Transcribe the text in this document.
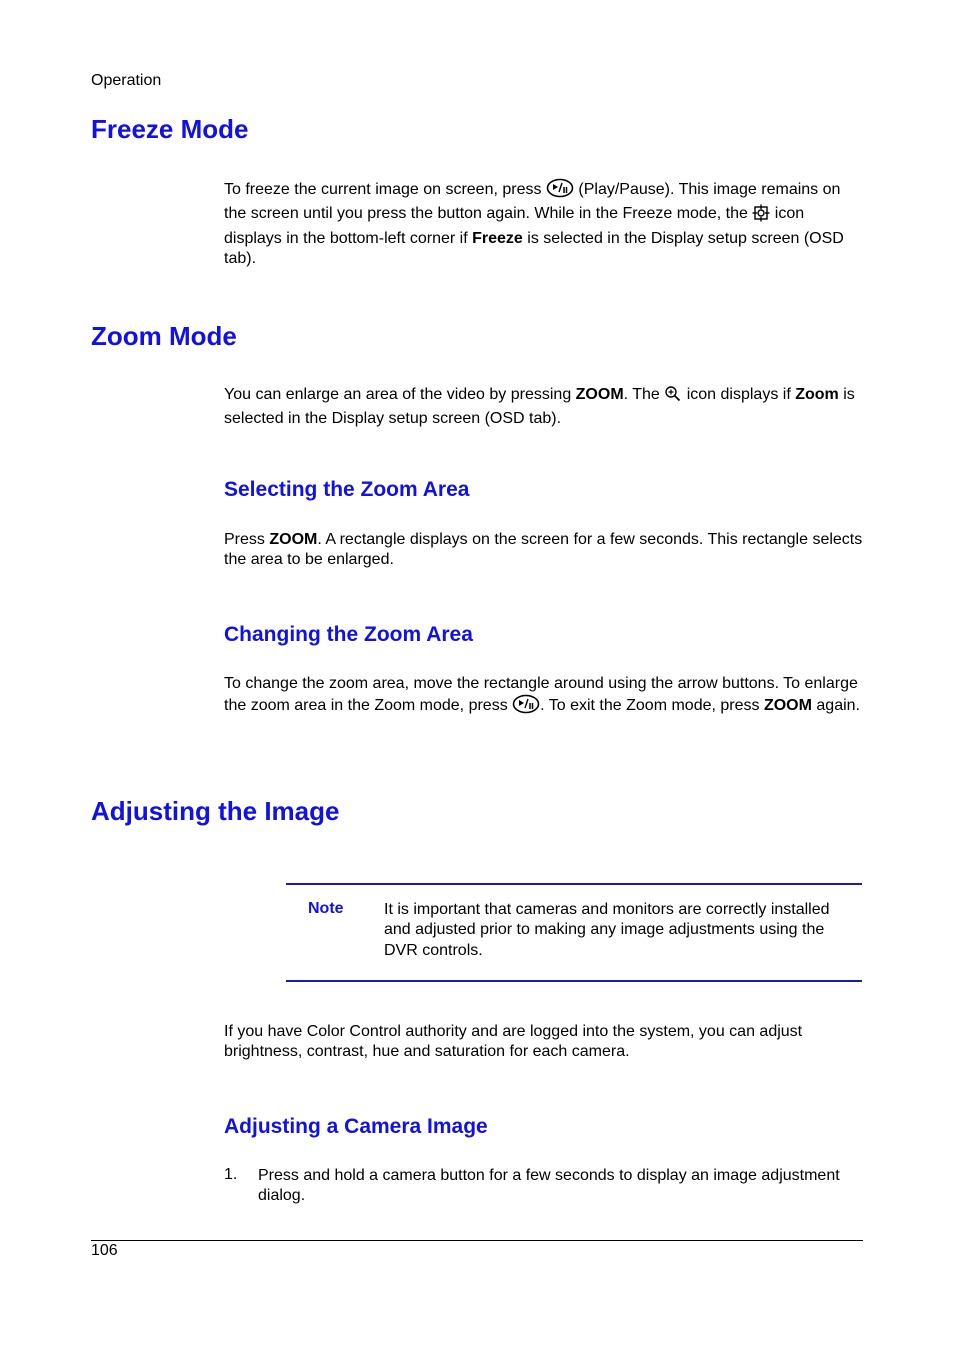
Operation
Freeze Mode
To freeze the current image on screen, press  (Play/Pause). This image remains on the screen until you press the button again. While in the Freeze mode, the  icon displays in the bottom-left corner if Freeze is selected in the Display setup screen (OSD tab).
Zoom Mode
You can enlarge an area of the video by pressing ZOOM. The  icon displays if Zoom is selected in the Display setup screen (OSD tab).
Selecting the Zoom Area
Press ZOOM. A rectangle displays on the screen for a few seconds. This rectangle selects the area to be enlarged.
Changing the Zoom Area
To change the zoom area, move the rectangle around using the arrow buttons. To enlarge the zoom area in the Zoom mode, press . To exit the Zoom mode, press ZOOM again.
Adjusting the Image
Note	It is important that cameras and monitors are correctly installed and adjusted prior to making any image adjustments using the DVR controls.
If you have Color Control authority and are logged into the system, you can adjust brightness, contrast, hue and saturation for each camera.
Adjusting a Camera Image
1. Press and hold a camera button for a few seconds to display an image adjustment dialog.
106
